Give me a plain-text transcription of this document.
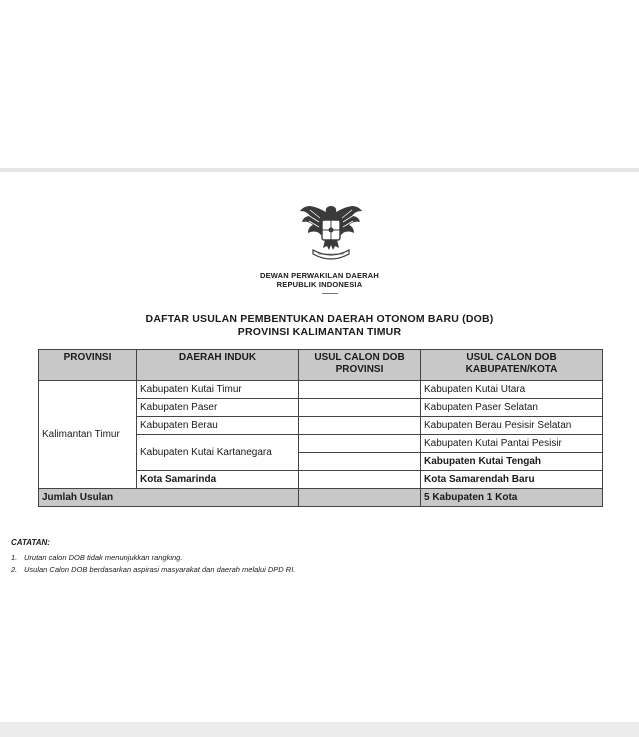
DEWAN PERWAKILAN DAERAH
REPUBLIK INDONESIA
DAFTAR USULAN PEMBENTUKAN DAERAH OTONOM BARU (DOB)
PROVINSI KALIMANTAN TIMUR
PROVINSI	DAERAH INDUK	USUL CALON DOB PROVINSI	USUL CALON DOB KABUPATEN/KOTA
Kalimantan Timur	Kabupaten Kutai Timur		Kabupaten Kutai Utara
	Kabupaten Paser		Kabupaten Paser Selatan
	Kabupaten Berau		Kabupaten Berau Pesisir Selatan
	Kabupaten Kutai Kartanegara		Kabupaten Kutai Pantai Pesisir
			Kabupaten Kutai Tengah
	Kota Samarinda		Kota Samarendah Baru
Jumlah Usulan			5 Kabupaten 1 Kota
CATATAN:
1. Urutan calon DOB tidak menunjukkan rangking.
2. Usulan Calon DOB berdasarkan aspirasi masyarakat dan daerah melalui DPD RI.
